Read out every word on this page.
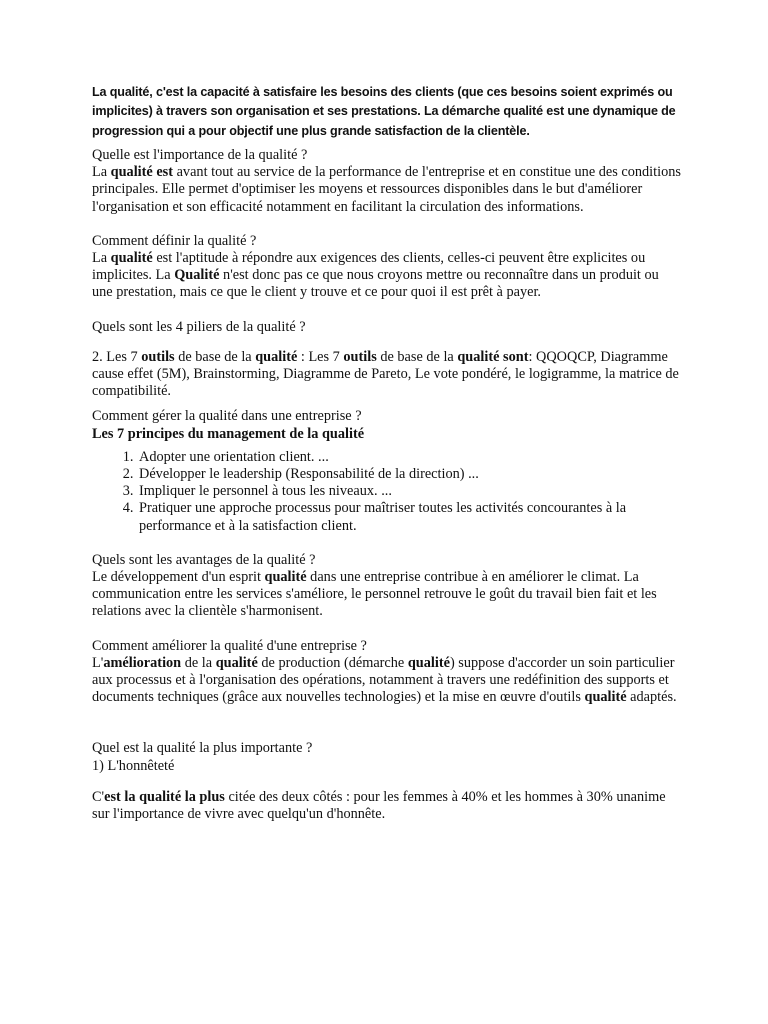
La qualité, c'est la capacité à satisfaire les besoins des clients (que ces besoins soient exprimés ou
implicites) à travers son organisation et ses prestations. La démarche qualité est une dynamique de
progression qui a pour objectif une plus grande satisfaction de la clientèle.

Quelle est l'importance de la qualité ?

La qualité est avant tout au service de la performance de l'entreprise et en constitue une des conditions principales. Elle permet d'optimiser les moyens et ressources disponibles dans le but d'améliorer l'organisation et son efficacité notamment en facilitant la circulation des informations.

Comment définir la qualité ?

La qualité est l'aptitude à répondre aux exigences des clients, celles-ci peuvent être explicites ou implicites. La Qualité n'est donc pas ce que nous croyons mettre ou reconnaître dans un produit ou une prestation, mais ce que le client y trouve et ce pour quoi il est prêt à payer.

Quels sont les 4 piliers de la qualité ?

2. Les 7 outils de base de la qualité : Les 7 outils de base de la qualité sont: QQOQCP, Diagramme cause effet (5M), Brainstorming, Diagramme de Pareto, Le vote pondéré, le logigramme, la matrice de compatibilité.

Comment gérer la qualité dans une entreprise ?

Les 7 principes du management de la qualité

1. Adopter une orientation client. ...
2. Développer le leadership (Responsabilité de la direction) ...
3. Impliquer le personnel à tous les niveaux. ...
4. Pratiquer une approche processus pour maîtriser toutes les activités concourantes à la performance et à la satisfaction client.

Quels sont les avantages de la qualité ?

Le développement d'un esprit qualité dans une entreprise contribue à en améliorer le climat. La communication entre les services s'améliore, le personnel retrouve le goût du travail bien fait et les relations avec la clientèle s'harmonisent.

Comment améliorer la qualité d'une entreprise ?

L'amélioration de la qualité de production (démarche qualité) suppose d'accorder un soin particulier aux processus et à l'organisation des opérations, notamment à travers une redéfinition des supports et documents techniques (grâce aux nouvelles technologies) et la mise en œuvre d'outils qualité adaptés.

Quel est la qualité la plus importante ?

1) L'honnêteté

C'est la qualité la plus citée des deux côtés : pour les femmes à 40% et les hommes à 30% unanime sur l'importance de vivre avec quelqu'un d'honnête.
